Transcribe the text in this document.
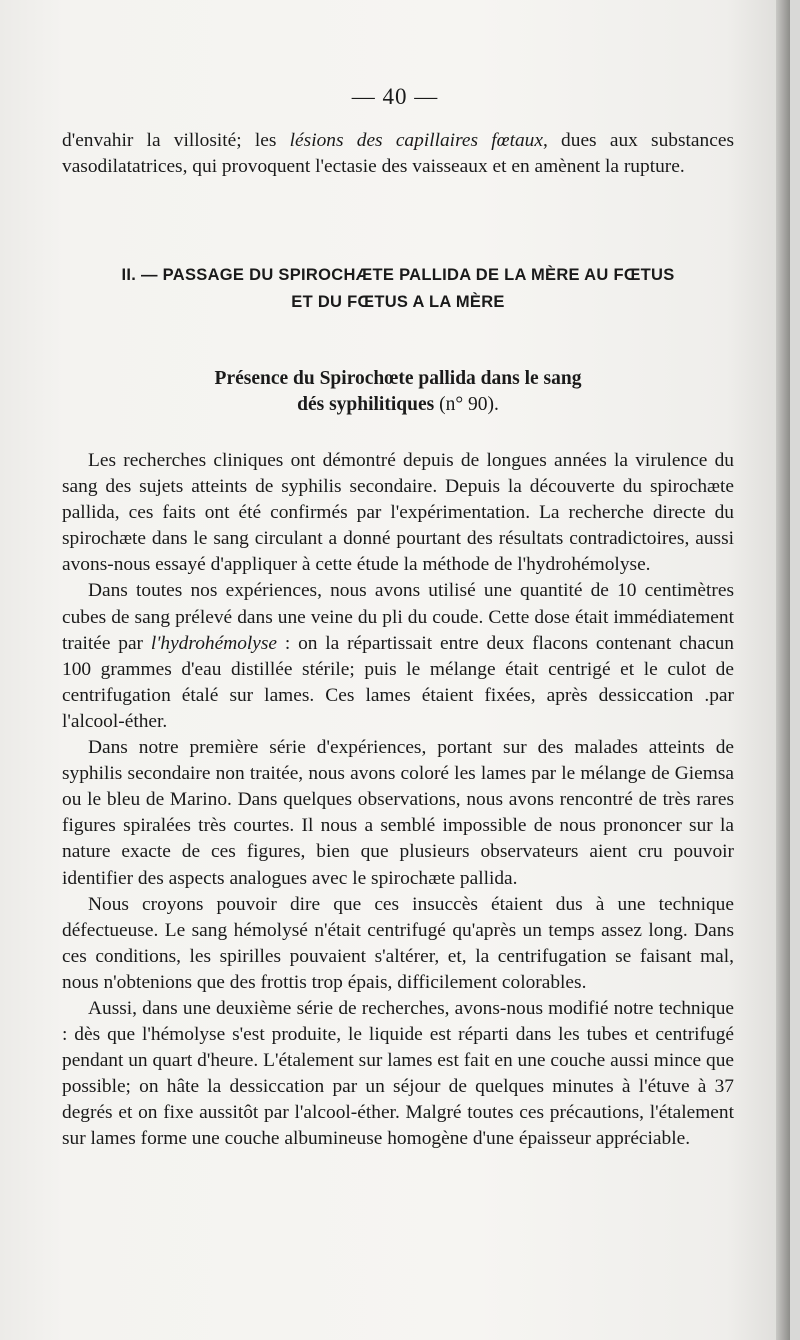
— 40 —
d'envahir la villosité; les lésions des capillaires fœtaux, dues aux substances vasodilatatrices, qui provoquent l'ectasie des vaisseaux et en amènent la rupture.
II. — PASSAGE DU SPIROCHÆTE PALLIDA DE LA MÈRE AU FŒTUS
ET DU FŒTUS A LA MÈRE
Présence du Spirochœte pallida dans le sang
dés syphilitiques (n° 90).

Les recherches cliniques ont démontré depuis de longues années la virulence du sang des sujets atteints de syphilis secondaire. Depuis la découverte du spirochæte pallida, ces faits ont été confirmés par l'expérimentation. La recherche directe du spirochæte dans le sang circulant a donné pourtant des résultats contradictoires, aussi avons-nous essayé d'appliquer à cette étude la méthode de l'hydrohémolyse.

Dans toutes nos expériences, nous avons utilisé une quantité de 10 centimètres cubes de sang prélevé dans une veine du pli du coude. Cette dose était immédiatement traitée par l'hydrohémolyse : on la répartissait entre deux flacons contenant chacun 100 grammes d'eau distillée stérile; puis le mélange était centrigé et le culot de centrifugation étalé sur lames. Ces lames étaient fixées, après dessiccation .par l'alcool-éther.

Dans notre première série d'expériences, portant sur des malades atteints de syphilis secondaire non traitée, nous avons coloré les lames par le mélange de Giemsa ou le bleu de Marino. Dans quelques observations, nous avons rencontré de très rares figures spiralées très courtes. Il nous a semblé impossible de nous prononcer sur la nature exacte de ces figures, bien que plusieurs observateurs aient cru pouvoir identifier des aspects analogues avec le spirochæte pallida.

Nous croyons pouvoir dire que ces insuccès étaient dus à une technique défectueuse. Le sang hémolysé n'était centrifugé qu'après un temps assez long. Dans ces conditions, les spirilles pouvaient s'altérer, et, la centrifugation se faisant mal, nous n'obtenions que des frottis trop épais, difficilement colorables.

Aussi, dans une deuxième série de recherches, avons-nous modifié notre technique : dès que l'hémolyse s'est produite, le liquide est réparti dans les tubes et centrifugé pendant un quart d'heure. L'étalement sur lames est fait en une couche aussi mince que possible; on hâte la dessiccation par un séjour de quelques minutes à l'étuve à 37 degrés et on fixe aussitôt par l'alcool-éther. Malgré toutes ces précautions, l'étalement sur lames forme une couche albumineuse homogène d'une épaisseur appréciable.
